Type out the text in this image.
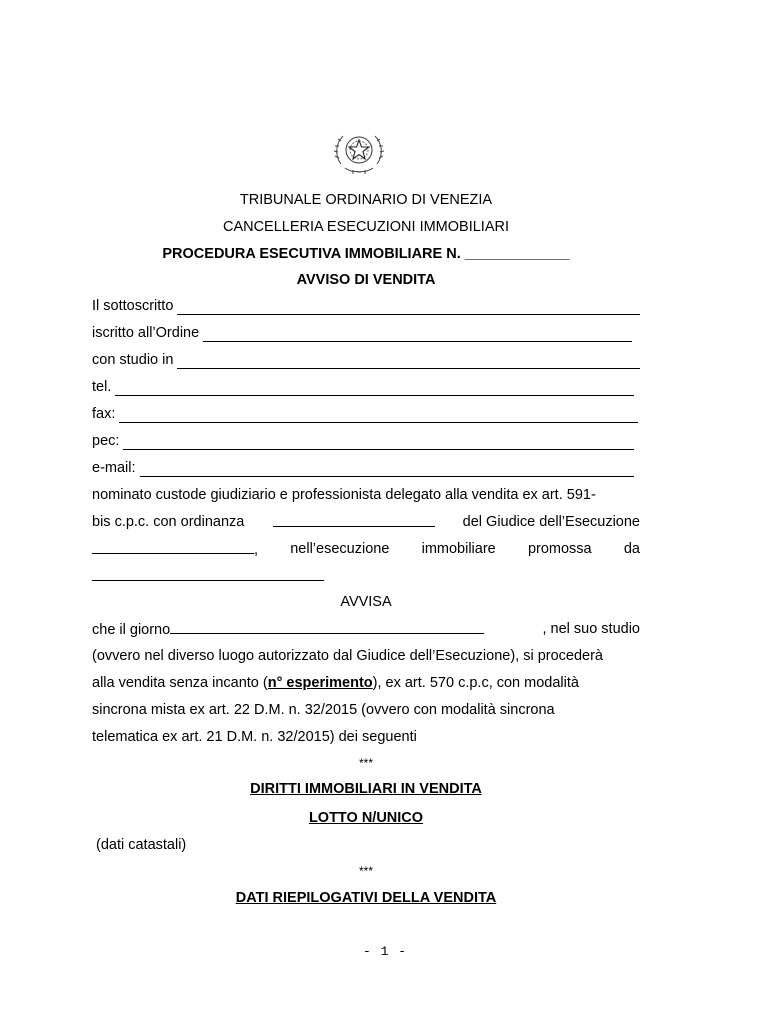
TRIBUNALE ORDINARIO DI VENEZIA
CANCELLERIA ESECUZIONI IMMOBILIARI
PROCEDURA ESECUTIVA IMMOBILIARE N. _____________
AVVISO DI VENDITA
Il sottoscritto
iscritto all’Ordine
con studio in
tel.
fax:
pec:
e-mail:
nominato custode giudiziario e professionista delegato alla vendita ex art. 591-
bis c.p.c. con ordinanza	del Giudice dell’Esecuzione
, nell’esecuzione immobiliare promossa da
AVVISA
che il giorno	, nel suo studio
(ovvero nel diverso luogo autorizzato dal Giudice dell’Esecuzione), si procederà
alla vendita senza incanto (n° esperimento), ex art. 570 c.p.c, con modalità
sincrona mista ex art. 22 D.M. n. 32/2015 (ovvero con modalità sincrona
telematica ex art. 21 D.M. n. 32/2015) dei seguenti
***
DIRITTI IMMOBILIARI IN VENDITA
LOTTO N/UNICO
(dati catastali)
***
DATI RIEPILOGATIVI DELLA VENDITA
- 1 -
